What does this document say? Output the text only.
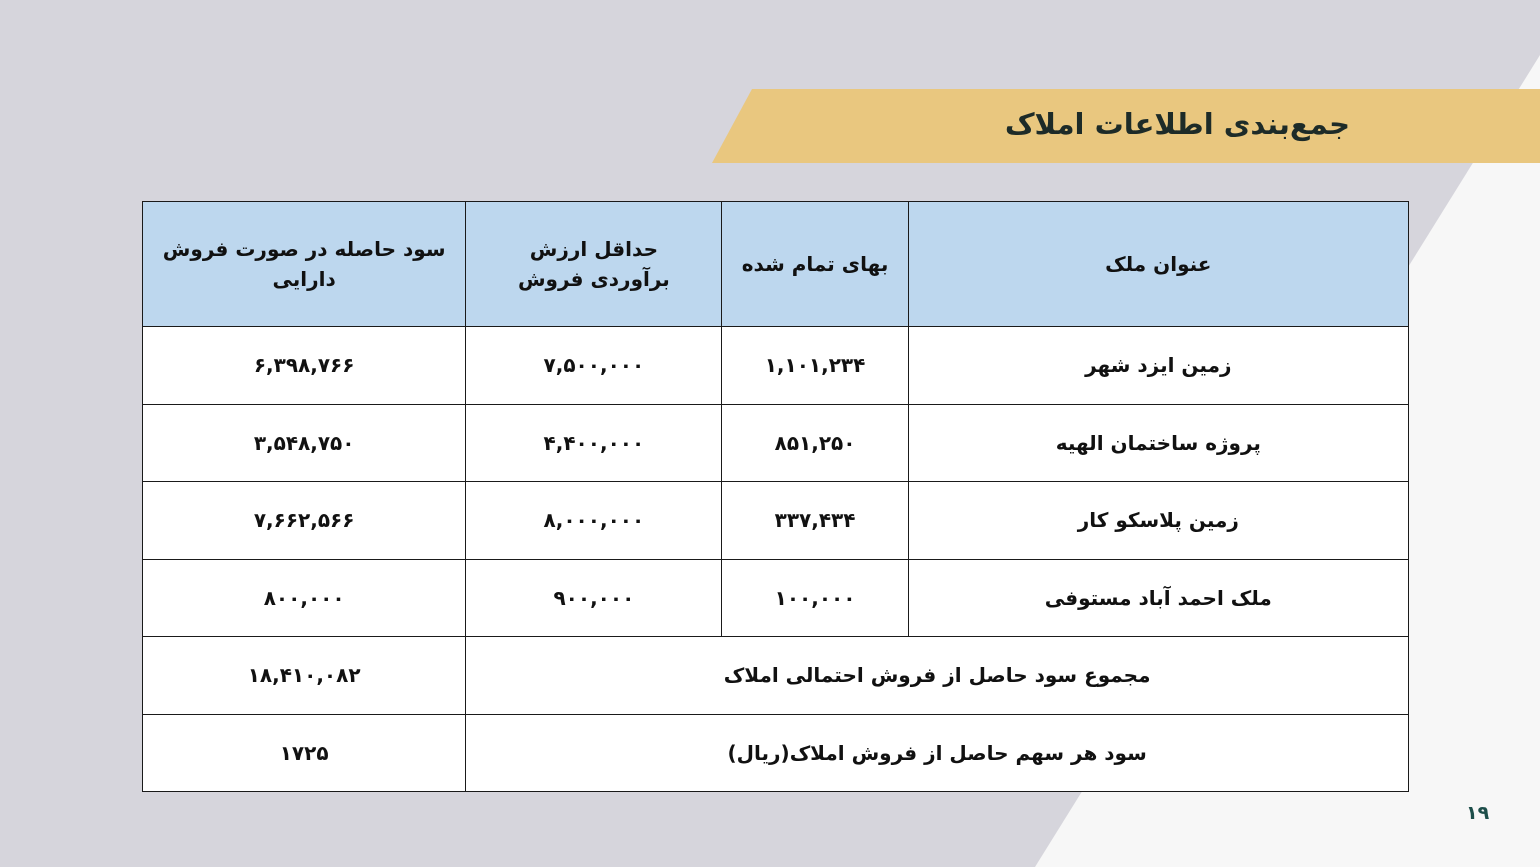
جمع‌بندی اطلاعات املاک
عنوان ملک	بهای تمام شده	حداقل ارزش برآوردی فروش	سود حاصله در صورت فروش دارایی
زمین ایزد شهر	۱,۱۰۱,۲۳۴	۷,۵۰۰,۰۰۰	۶,۳۹۸,۷۶۶
پروژه ساختمان الهیه	۸۵۱,۲۵۰	۴,۴۰۰,۰۰۰	۳,۵۴۸,۷۵۰
زمین پلاسکو کار	۳۳۷,۴۳۴	۸,۰۰۰,۰۰۰	۷,۶۶۲,۵۶۶
ملک احمد آباد مستوفی	۱۰۰,۰۰۰	۹۰۰,۰۰۰	۸۰۰,۰۰۰
مجموع سود حاصل از فروش احتمالی املاک			۱۸,۴۱۰,۰۸۲
سود هر سهم حاصل از فروش املاک(ریال)			۱۷۲۵
۱۹
